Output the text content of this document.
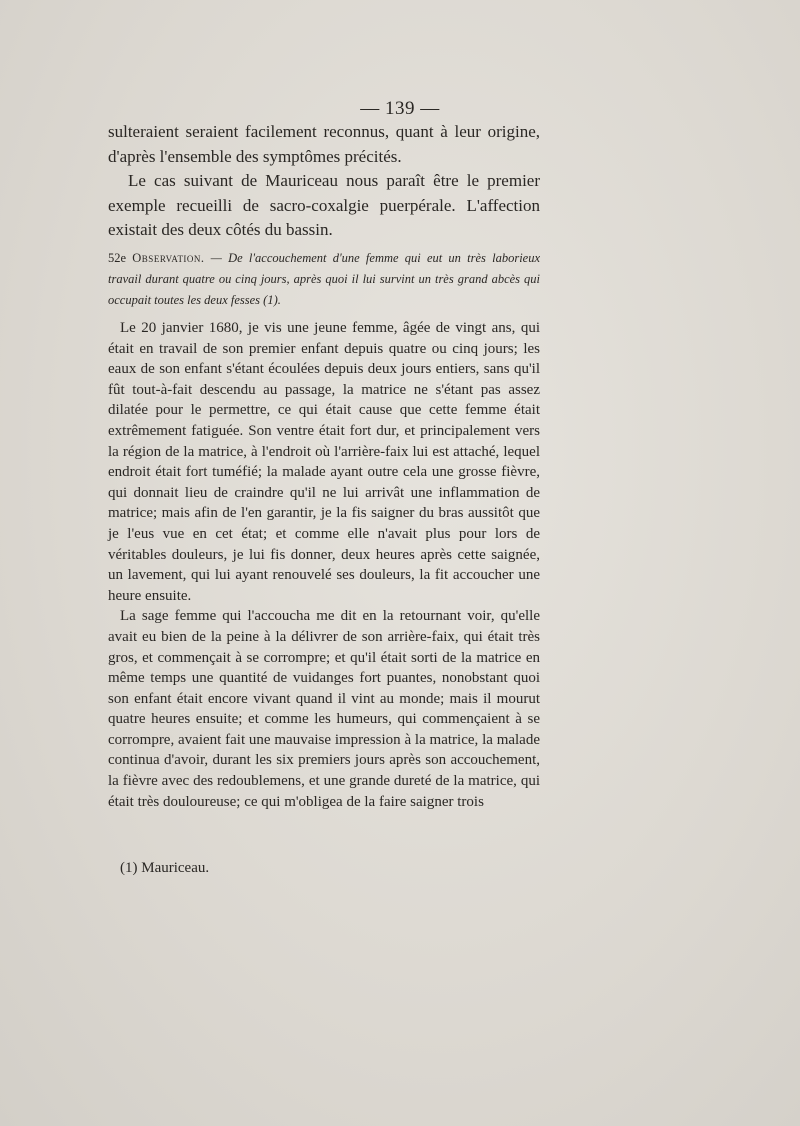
— 139 —

sulteraient seraient facilement reconnus, quant à leur origine, d'après l'ensemble des symptômes précités.

Le cas suivant de Mauriceau nous paraît être le premier exemple recueilli de sacro-coxalgie puerpérale. L'affection existait des deux côtés du bassin.

52e Observation. — De l'accouchement d'une femme qui eut un très laborieux travail durant quatre ou cinq jours, après quoi il lui survint un très grand abcès qui occupait toutes les deux fesses (1).

Le 20 janvier 1680, je vis une jeune femme, âgée de vingt ans, qui était en travail de son premier enfant depuis quatre ou cinq jours; les eaux de son enfant s'étant écoulées depuis deux jours entiers, sans qu'il fût tout-à-fait descendu au passage, la matrice ne s'étant pas assez dilatée pour le permettre, ce qui était cause que cette femme était extrêmement fatiguée. Son ventre était fort dur, et principalement vers la région de la matrice, à l'endroit où l'arrière-faix lui est attaché, lequel endroit était fort tuméfié; la malade ayant outre cela une grosse fièvre, qui donnait lieu de craindre qu'il ne lui arrivât une inflammation de matrice; mais afin de l'en garantir, je la fis saigner du bras aussitôt que je l'eus vue en cet état; et comme elle n'avait plus pour lors de véritables douleurs, je lui fis donner, deux heures après cette saignée, un lavement, qui lui ayant renouvelé ses douleurs, la fit accoucher une heure ensuite.

La sage femme qui l'accoucha me dit en la retournant voir, qu'elle avait eu bien de la peine à la délivrer de son arrière-faix, qui était très gros, et commençait à se corrompre; et qu'il était sorti de la matrice en même temps une quantité de vuidanges fort puantes, nonobstant quoi son enfant était encore vivant quand il vint au monde; mais il mourut quatre heures ensuite; et comme les humeurs, qui commençaient à se corrompre, avaient fait une mauvaise impression à la matrice, la malade continua d'avoir, durant les six premiers jours après son accouchement, la fièvre avec des redoublemens, et une grande dureté de la matrice, qui était très douloureuse; ce qui m'obligea de la faire saigner trois

(1) Mauriceau.
